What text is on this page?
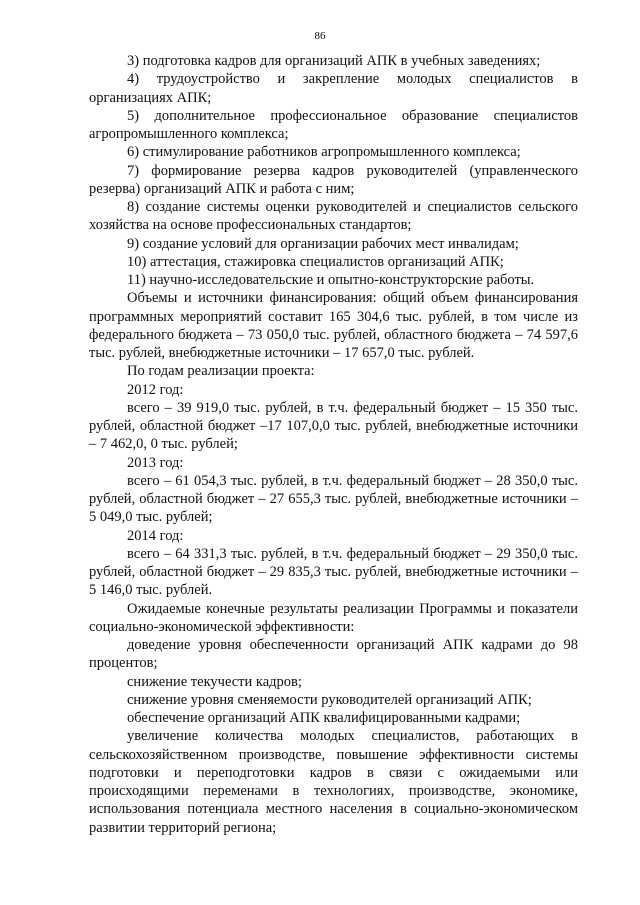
86

3) подготовка кадров для организаций АПК в учебных заведениях;

4) трудоустройство и закрепление молодых специалистов в организациях АПК;

5) дополнительное профессиональное образование специалистов агропромышленного комплекса;

6) стимулирование работников агропромышленного комплекса;

7) формирование резерва кадров руководителей (управленческого резерва) организаций АПК и работа с ним;

8) создание системы оценки руководителей и специалистов сельского хозяйства на основе профессиональных стандартов;

9) создание условий для организации рабочих мест инвалидам;

10) аттестация, стажировка специалистов организаций АПК;

11) научно-исследовательские и опытно-конструкторские работы.

Объемы и источники финансирования: общий объем финансирования программных мероприятий составит 165 304,6 тыс. рублей, в том числе из федерального бюджета – 73 050,0 тыс. рублей, областного бюджета – 74 597,6 тыс. рублей, внебюджетные источники – 17 657,0 тыс. рублей.

По годам реализации проекта:

2012 год:

всего – 39 919,0 тыс. рублей, в т.ч. федеральный бюджет – 15 350 тыс. рублей, областной бюджет –17 107,0,0 тыс. рублей, внебюджетные источники – 7 462,0, 0 тыс. рублей;

2013 год:

всего – 61 054,3 тыс. рублей, в т.ч. федеральный бюджет – 28 350,0 тыс. рублей, областной бюджет – 27 655,3 тыс. рублей, внебюджетные источники – 5 049,0 тыс. рублей;

2014 год:

всего – 64 331,3 тыс. рублей, в т.ч. федеральный бюджет – 29 350,0 тыс. рублей, областной бюджет – 29 835,3 тыс. рублей, внебюджетные источники – 5 146,0 тыс. рублей.

Ожидаемые конечные результаты реализации Программы и показатели социально-экономической эффективности:

доведение уровня обеспеченности организаций АПК кадрами до 98 процентов;

снижение текучести кадров;

снижение уровня сменяемости руководителей организаций АПК;

обеспечение организаций АПК квалифицированными кадрами;

увеличение количества молодых специалистов, работающих в сельскохозяйственном производстве, повышение эффективности системы подготовки и переподготовки кадров в связи с ожидаемыми или происходящими переменами в технологиях, производстве, экономике, использования потенциала местного населения в социально-экономическом развитии территорий региона;
